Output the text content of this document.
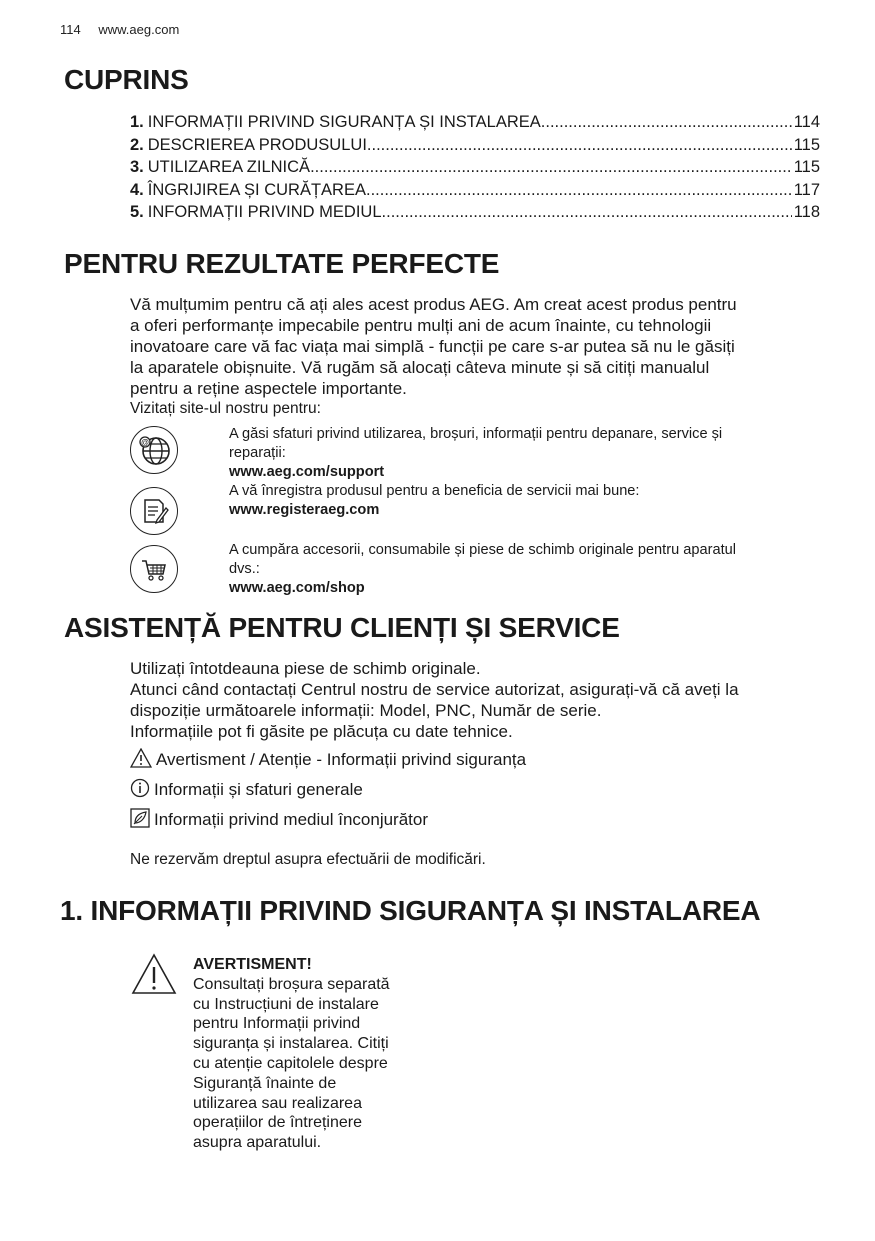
114 www.aeg.com
CUPRINS
1. INFORMAȚII PRIVIND SIGURANȚA ȘI INSTALAREA .....	114
2. DESCRIEREA PRODUSULUI .....	115
3. UTILIZAREA ZILNICĂ .....	115
4. ÎNGRIJIREA ȘI CURĂȚAREA .....	117
5. INFORMAȚII PRIVIND MEDIUL .....	118
PENTRU REZULTATE PERFECTE
Vă mulțumim pentru că ați ales acest produs AEG. Am creat acest produs pentru
a oferi performanțe impecabile pentru mulți ani de acum înainte, cu tehnologii
inovatoare care vă fac viața mai simplă - funcții pe care s-ar putea să nu le găsiți
la aparatele obișnuite. Vă rugăm să alocați câteva minute și să citiți manualul
pentru a reține aspectele importante.
Vizitați site-ul nostru pentru:
@
A găsi sfaturi privind utilizarea, broșuri, informații pentru depanare, service și
reparații:
www.aeg.com/support
A vă înregistra produsul pentru a beneficia de servicii mai bune:
www.registeraeg.com
A cumpăra accesorii, consumabile și piese de schimb originale pentru aparatul
dvs.:
www.aeg.com/shop
ASISTENȚĂ PENTRU CLIENȚI ȘI SERVICE
Utilizați întotdeauna piese de schimb originale.
Atunci când contactați Centrul nostru de service autorizat, asigurați-vă că aveți la
dispoziție următoarele informații: Model, PNC, Număr de serie.
Informațiile pot fi găsite pe plăcuța cu date tehnice.
Avertisment / Atenție - Informații privind siguranța
Informații și sfaturi generale
Informații privind mediul înconjurător
Ne rezervăm dreptul asupra efectuării de modificări.
1. INFORMAȚII PRIVIND SIGURANȚA ȘI INSTALAREA
AVERTISMENT!
Consultați broșura separată
cu Instrucțiuni de instalare
pentru Informații privind
siguranța și instalarea. Citiți
cu atenție capitolele despre
Siguranță înainte de
utilizarea sau realizarea
operațiilor de întreținere
asupra aparatului.
